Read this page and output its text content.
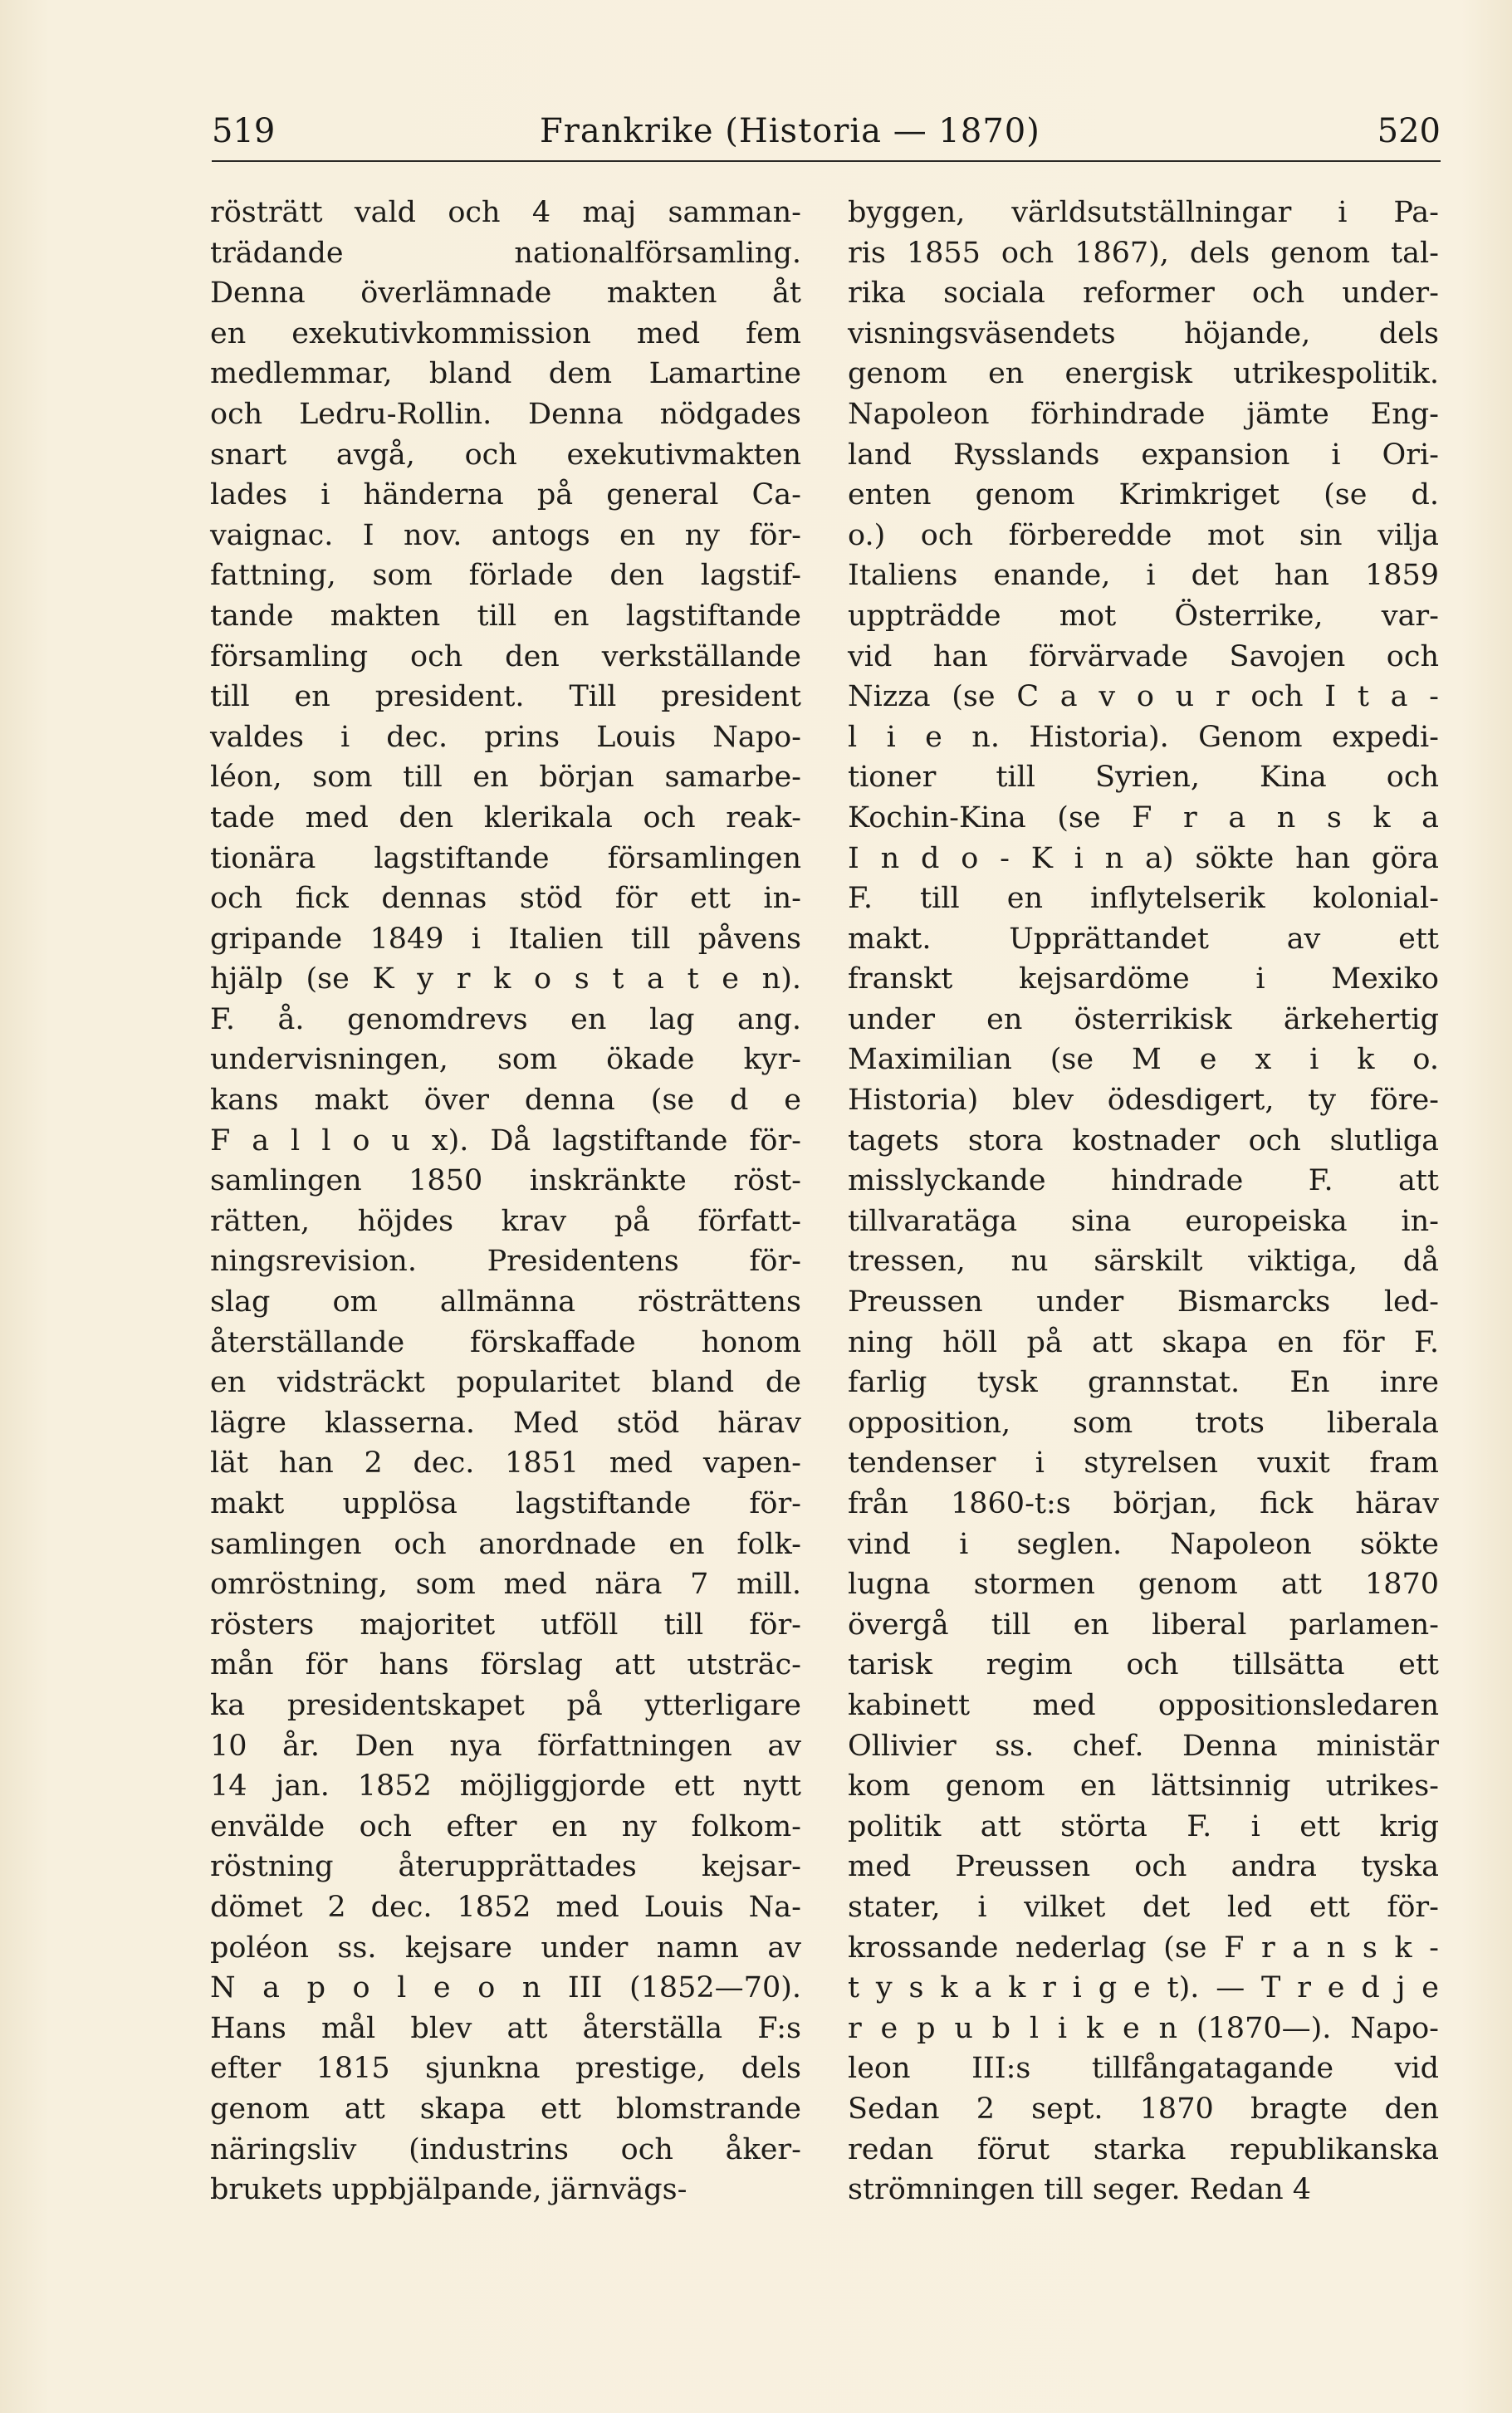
519	Frankrike (Historia — 1870)	520
rösträtt vald och 4 maj samman-
trädande nationalförsamling.
Denna överlämnade makten åt
en exekutivkommission med fem
medlemmar, bland dem Lamartine
och Ledru-Rollin. Denna nödgades
snart avgå, och exekutivmakten
lades i händerna på general Ca-
vaignac. I nov. antogs en ny för-
fattning, som förlade den lagstif-
tande makten till en lagstiftande
församling och den verkställande
till en president. Till president
valdes i dec. prins Louis Napo-
léon, som till en början samarbe-
tade med den klerikala och reak-
tionära lagstiftande församlingen
och fick dennas stöd för ett in-
gripande 1849 i Italien till påvens
hjälp (se K y r k o s t a t e n).
F. å. genomdrevs en lag ang.
undervisningen, som ökade kyr-
kans makt över denna (se d e
F a l l o u x). Då lagstiftande för-
samlingen 1850 inskränkte röst-
rätten, höjdes krav på författ-
ningsrevision. Presidentens för-
slag om allmänna rösträttens
återställande förskaffade honom
en vidsträckt popularitet bland de
lägre klasserna. Med stöd härav
lät han 2 dec. 1851 med vapen-
makt upplösa lagstiftande för-
samlingen och anordnade en folk-
omröstning, som med nära 7 mill.
rösters majoritet utföll till för-
mån för hans förslag att utsträc-
ka presidentskapet på ytterligare
10 år. Den nya författningen av
14 jan. 1852 möjliggjorde ett nytt
envälde och efter en ny folkom-
röstning återupprättades kejsar-
dömet 2 dec. 1852 med Louis Na-
poléon ss. kejsare under namn av
N a p o l e o n III (1852—70).
Hans mål blev att återställa F:s
efter 1815 sjunkna prestige, dels
genom att skapa ett blomstrande
näringsliv (industrins och åker-
brukets uppbjälpande, järnvägs-
byggen, världsutställningar i Pa-
ris 1855 och 1867), dels genom tal-
rika sociala reformer och under-
visningsväsendets höjande, dels
genom en energisk utrikespolitik.
Napoleon förhindrade jämte Eng-
land Rysslands expansion i Ori-
enten genom Krimkriget (se d.
o.) och förberedde mot sin vilja
Italiens enande, i det han 1859
uppträdde mot Österrike, var-
vid han förvärvade Savojen och
Nizza (se C a v o u r och I t a -
l i e n. Historia). Genom expedi-
tioner till Syrien, Kina och
Kochin-Kina (se F r a n s k a
I n d o - K i n a) sökte han göra
F. till en inflytelserik kolonial-
makt. Upprättandet av ett
franskt kejsardöme i Mexiko
under en österrikisk ärkehertig
Maximilian (se M e x i k o.
Historia) blev ödesdigert, ty före-
tagets stora kostnader och slutliga
misslyckande hindrade F. att
tillvaratäga sina europeiska in-
tressen, nu särskilt viktiga, då
Preussen under Bismarcks led-
ning höll på att skapa en för F.
farlig tysk grannstat. En inre
opposition, som trots liberala
tendenser i styrelsen vuxit fram
från 1860-t:s början, fick härav
vind i seglen. Napoleon sökte
lugna stormen genom att 1870
övergå till en liberal parlamen-
tarisk regim och tillsätta ett
kabinett med oppositionsledaren
Ollivier ss. chef. Denna ministär
kom genom en lättsinnig utrikes-
politik att störta F. i ett krig
med Preussen och andra tyska
stater, i vilket det led ett för-
krossande nederlag (se F r a n s k -
t y s k a k r i g e t). — T r e d j e
r e p u b l i k e n (1870—). Napo-
leon III:s tillfångatagande vid
Sedan 2 sept. 1870 bragte den
redan förut starka republikanska
strömningen till seger. Redan 4
